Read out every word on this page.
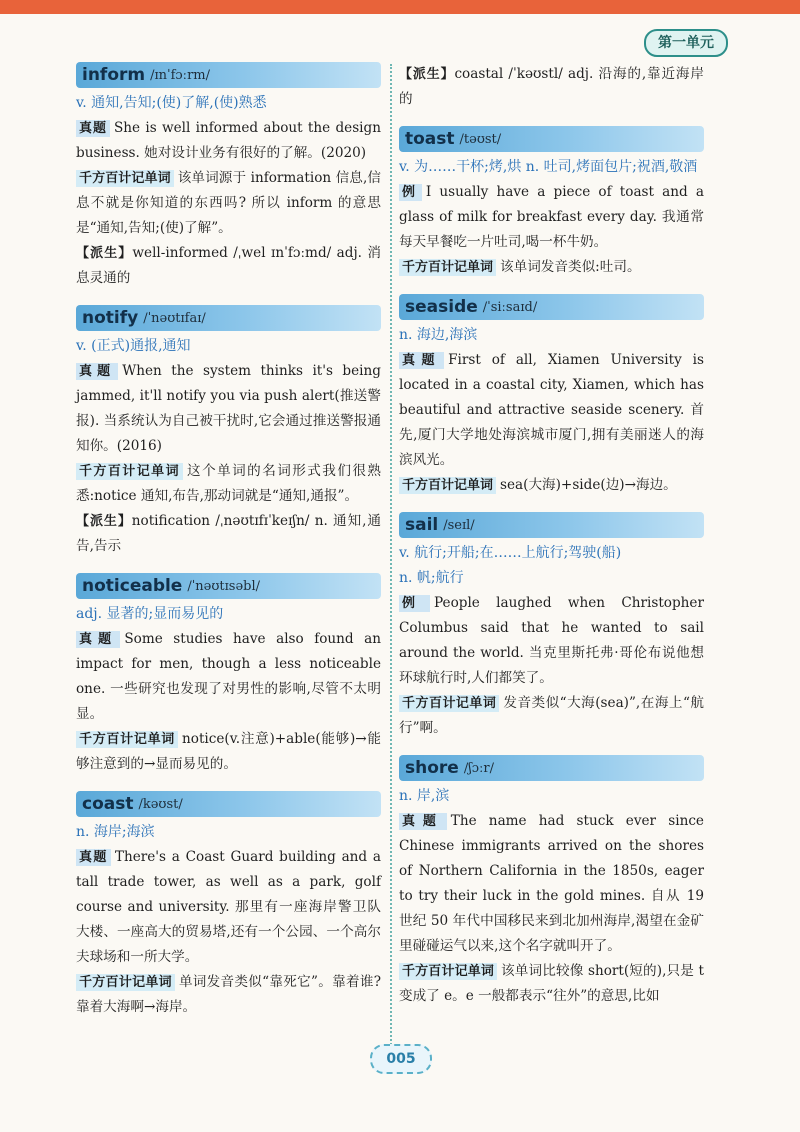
第一单元
inform /ɪnˈfɔːrm/
v. 通知,告知;(使)了解,(使)熟悉
真题 She is well informed about the design business. 她对设计业务有很好的了解。(2020)
千方百计记单词 该单词源于 information 信息,信息不就是你知道的东西吗? 所以 inform 的意思是“通知,告知;(使)了解”。
【派生】well-informed /ˌwel ɪnˈfɔːmd/ adj. 消息灵通的
notify /ˈnəʊtɪfaɪ/
v. (正式)通报,通知
真题 When the system thinks it's being jammed, it'll notify you via push alert(推送警报). 当系统认为自己被干扰时,它会通过推送警报通知你。(2016)
千方百计记单词 这个单词的名词形式我们很熟悉:notice 通知,布告,那动词就是“通知,通报”。
【派生】notification /ˌnəʊtɪfɪˈkeɪʃn/ n. 通知,通告,告示
noticeable /ˈnəʊtɪsəbl/
adj. 显著的;显而易见的
真题 Some studies have also found an impact for men, though a less noticeable one. 一些研究也发现了对男性的影响,尽管不太明显。
千方百计记单词 notice(v.注意)+able(能够)→能够注意到的→显而易见的。
coast /kəʊst/
n. 海岸;海滨
真题 There's a Coast Guard building and a tall trade tower, as well as a park, golf course and university. 那里有一座海岸警卫队大楼、一座高大的贸易塔,还有一个公园、一个高尔夫球场和一所大学。
千方百计记单词 单词发音类似“靠死它”。靠着谁? 靠着大海啊→海岸。
【派生】coastal /ˈkəʊstl/ adj. 沿海的,靠近海岸的
toast /təʊst/
v. 为……干杯;烤,烘 n. 吐司,烤面包片;祝酒,敬酒
例 I usually have a piece of toast and a glass of milk for breakfast every day. 我通常每天早餐吃一片吐司,喝一杯牛奶。
千方百计记单词 该单词发音类似:吐司。
seaside /ˈsiːsaɪd/
n. 海边,海滨
真题 First of all, Xiamen University is located in a coastal city, Xiamen, which has beautiful and attractive seaside scenery. 首先,厦门大学地处海滨城市厦门,拥有美丽迷人的海滨风光。
千方百计记单词 sea(大海)+side(边)→海边。
sail /seɪl/
v. 航行;开船;在……上航行;驾驶(船)
n. 帆;航行
例 People laughed when Christopher Columbus said that he wanted to sail around the world. 当克里斯托弗·哥伦布说他想环球航行时,人们都笑了。
千方百计记单词 发音类似“大海(sea)”,在海上“航行”啊。
shore /ʃɔːr/
n. 岸,滨
真题 The name had stuck ever since Chinese immigrants arrived on the shores of Northern California in the 1850s, eager to try their luck in the gold mines. 自从 19 世纪 50 年代中国移民来到北加州海岸,渴望在金矿里碰碰运气以来,这个名字就叫开了。
千方百计记单词 该单词比较像 short(短的),只是 t 变成了 e。e 一般都表示“往外”的意思,比如
005
